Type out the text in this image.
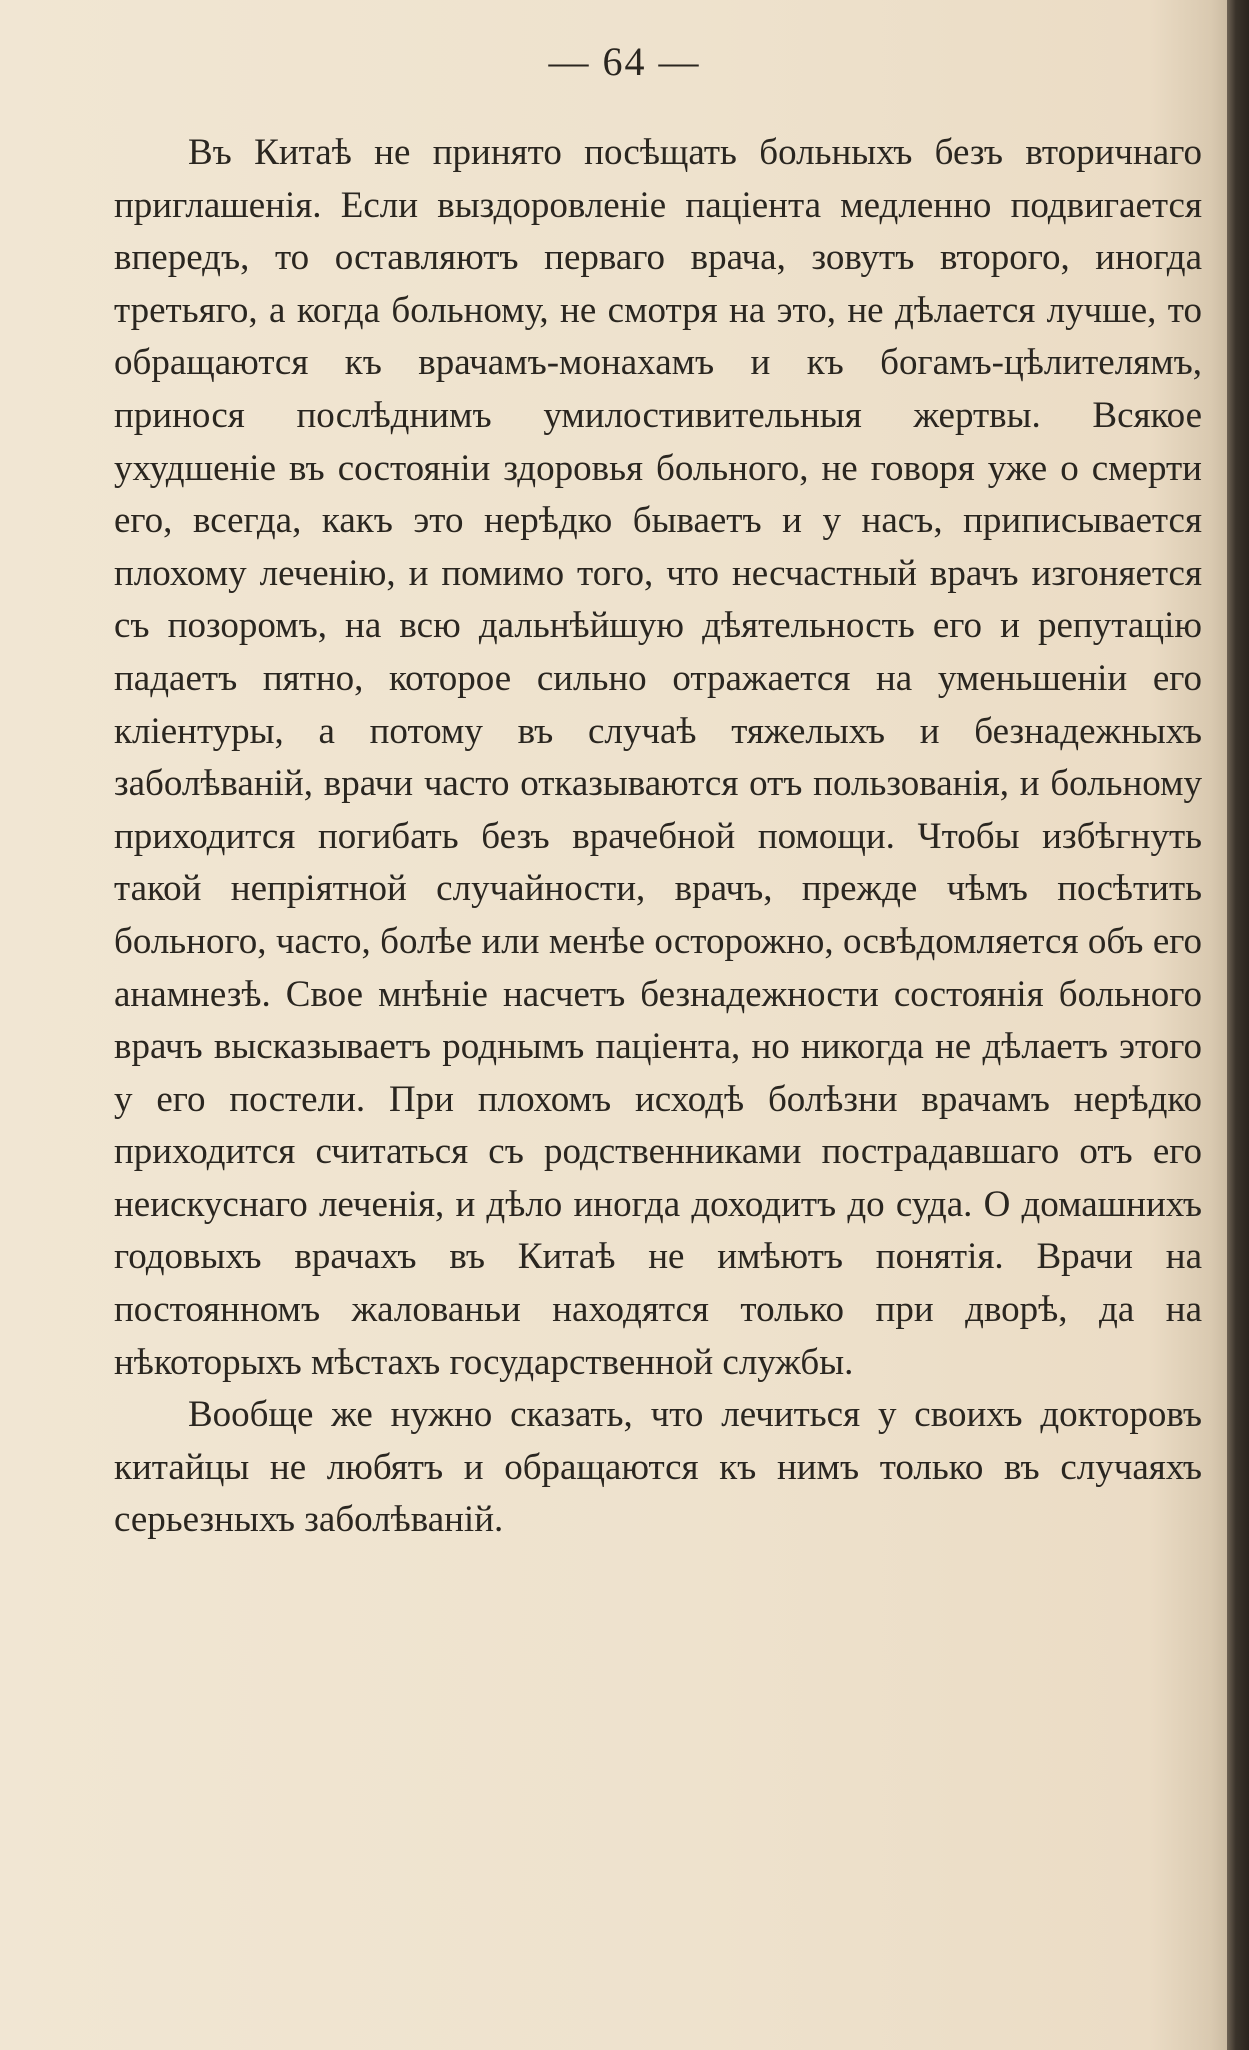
— 64 —

Въ Китаѣ не принято посѣщать больныхъ безъ вторичнаго приглашенія. Если выздоровленіе паціента медленно подвигается впередъ, то оставляютъ перваго врача, зовутъ второго, иногда третьяго, а когда больному, не смотря на это, не дѣлается лучше, то обращаются къ врачамъ-монахамъ и къ богамъ-цѣлителямъ, принося послѣднимъ умилостивительныя жертвы. Всякое ухудшеніе въ состояніи здоровья больного, не говоря уже о смерти его, всегда, какъ это нерѣдко бываетъ и у насъ, приписывается плохому леченію, и помимо того, что несчастный врачъ изгоняется съ позоромъ, на всю дальнѣйшую дѣятельность его и репутацію падаетъ пятно, которое сильно отражается на уменьшеніи его кліентуры, а потому въ случаѣ тяжелыхъ и безнадежныхъ заболѣваній, врачи часто отказываются отъ пользованія, и больному приходится погибать безъ врачебной помощи. Чтобы избѣгнуть такой непріятной случайности, врачъ, прежде чѣмъ посѣтить больного, часто, болѣе или менѣе осторожно, освѣдомляется объ его анамнезѣ. Свое мнѣніе насчетъ безнадежности состоянія больного врачъ высказываетъ роднымъ паціента, но никогда не дѣлаетъ этого у его постели. При плохомъ исходѣ болѣзни врачамъ нерѣдко приходится считаться съ родственниками пострадавшаго отъ его неискуснаго леченія, и дѣло иногда доходитъ до суда. О домашнихъ годовыхъ врачахъ въ Китаѣ не имѣютъ понятія. Врачи на постоянномъ жалованьи находятся только при дворѣ, да на нѣкоторыхъ мѣстахъ государственной службы.

Вообще же нужно сказать, что лечиться у своихъ докторовъ китайцы не любятъ и обращаются къ нимъ только въ случаяхъ серьезныхъ заболѣваній.
